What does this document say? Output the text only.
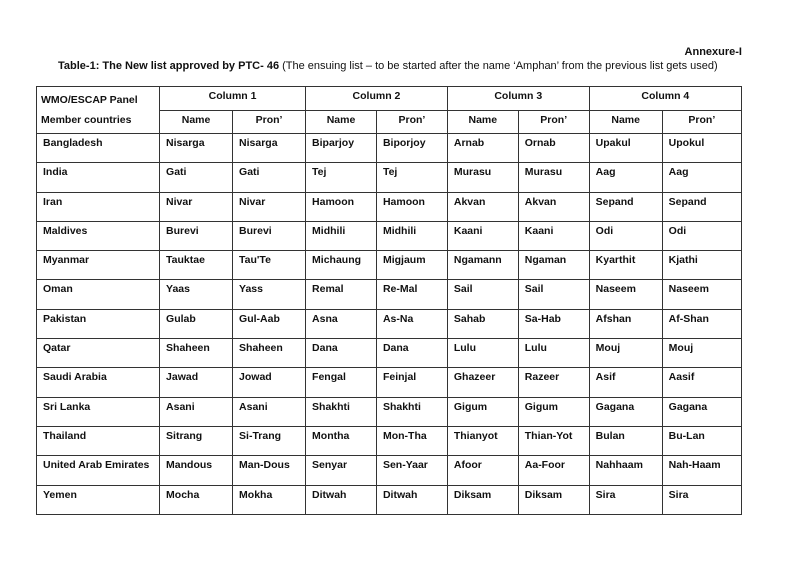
Annexure-I
Table-1: The New list approved by PTC- 46 (The ensuing list – to be started after the name ‘Amphan’ from the previous list gets used)
WMO/ESCAP Panel Member countries	Column 1		Column 2		Column 3		Column 4	
	Name	Pron’	Name	Pron’	Name	Pron’	Name	Pron’
Bangladesh	Nisarga	Nisarga	Biparjoy	Biporjoy	Arnab	Ornab	Upakul	Upokul
India	Gati	Gati	Tej	Tej	Murasu	Murasu	Aag	Aag
Iran	Nivar	Nivar	Hamoon	Hamoon	Akvan	Akvan	Sepand	Sepand
Maldives	Burevi	Burevi	Midhili	Midhili	Kaani	Kaani	Odi	Odi
Myanmar	Tauktae	Tau'Te	Michaung	Migjaum	Ngamann	Ngaman	Kyarthit	Kjathi
Oman	Yaas	Yass	Remal	Re-Mal	Sail	Sail	Naseem	Naseem
Pakistan	Gulab	Gul-Aab	Asna	As-Na	Sahab	Sa-Hab	Afshan	Af-Shan
Qatar	Shaheen	Shaheen	Dana	Dana	Lulu	Lulu	Mouj	Mouj
Saudi Arabia	Jawad	Jowad	Fengal	Feinjal	Ghazeer	Razeer	Asif	Aasif
Sri Lanka	Asani	Asani	Shakhti	Shakhti	Gigum	Gigum	Gagana	Gagana
Thailand	Sitrang	Si-Trang	Montha	Mon-Tha	Thianyot	Thian-Yot	Bulan	Bu-Lan
United Arab Emirates	Mandous	Man-Dous	Senyar	Sen-Yaar	Afoor	Aa-Foor	Nahhaam	Nah-Haam
Yemen	Mocha	Mokha	Ditwah	Ditwah	Diksam	Diksam	Sira	Sira
